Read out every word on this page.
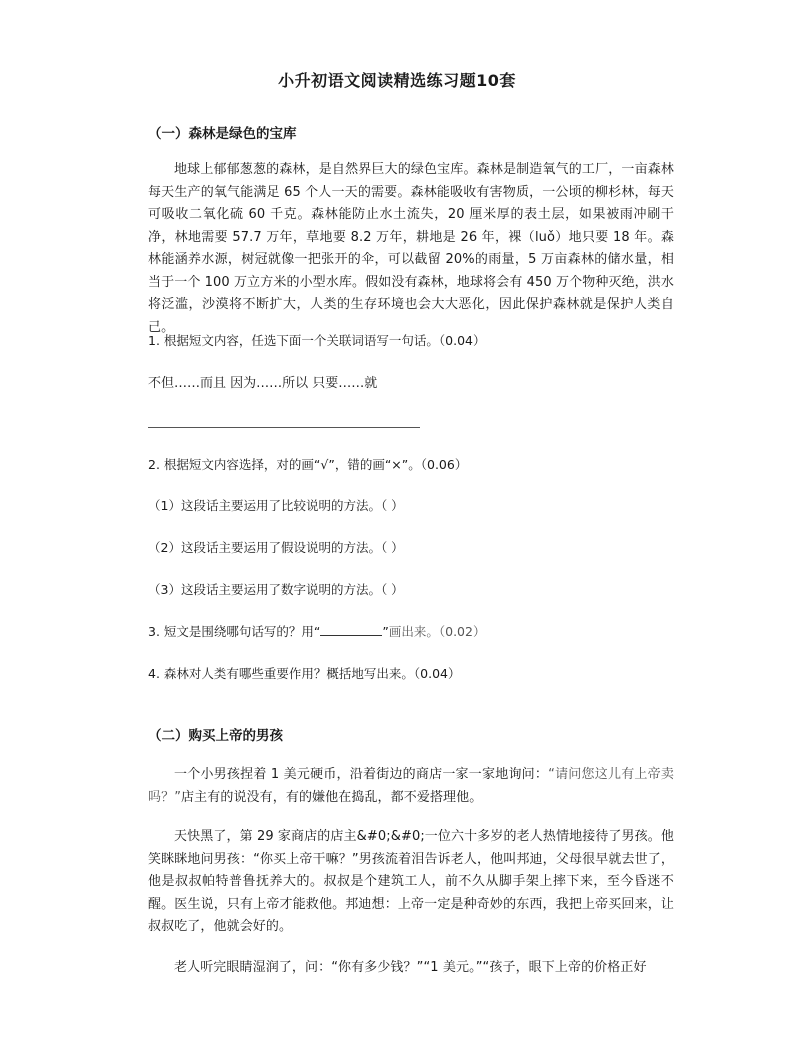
小升初语文阅读精选练习题10套
（一）森林是绿色的宝库
地球上郁郁葱葱的森林，是自然界巨大的绿色宝库。森林是制造氧气的工厂，一亩森林每天生产的氧气能满足 65 个人一天的需要。森林能吸收有害物质，一公顷的柳杉林，每天可吸收二氧化硫 60 千克。森林能防止水土流失，20 厘米厚的表土层，如果被雨冲刷干净，林地需要 57.7 万年，草地要 8.2 万年，耕地是 26 年，裸（luǒ）地只要 18 年。森林能涵养水源，树冠就像一把张开的伞，可以截留 20%的雨量，5 万亩森林的储水量，相当于一个 100 万立方米的小型水库。假如没有森林，地球将会有 450 万个物种灭绝，洪水将泛滥，沙漠将不断扩大，人类的生存环境也会大大恶化，因此保护森林就是保护人类自己。
1. 根据短文内容，任选下面一个关联词语写一句话。（0.04）
不但……而且 因为……所以 只要……就
2. 根据短文内容选择，对的画“√”，错的画“×”。（0.06）
（1）这段话主要运用了比较说明的方法。（ ）
（2）这段话主要运用了假设说明的方法。（ ）
（3）这段话主要运用了数字说明的方法。（ ）
3. 短文是围绕哪句话写的？用“	”画出来。（0.02）
4. 森林对人类有哪些重要作用？概括地写出来。（0.04）
（二）购买上帝的男孩
一个小男孩捏着 1 美元硬币，沿着街边的商店一家一家地询问：“请问您这儿有上帝卖吗？”店主有的说没有，有的嫌他在捣乱，都不爱搭理他。
天快黑了，第 29 家商店的店主&#0;&#0;一位六十多岁的老人热情地接待了男孩。他笑眯眯地问男孩：“你买上帝干嘛？”男孩流着泪告诉老人，他叫邦迪，父母很早就去世了，他是叔叔帕特普鲁抚养大的。叔叔是个建筑工人，前不久从脚手架上摔下来，至今昏迷不醒。医生说，只有上帝才能救他。邦迪想：上帝一定是种奇妙的东西，我把上帝买回来，让叔叔吃了，他就会好的。
老人听完眼睛湿润了，问：“你有多少钱？”“1 美元。”“孩子，眼下上帝的价格正好
